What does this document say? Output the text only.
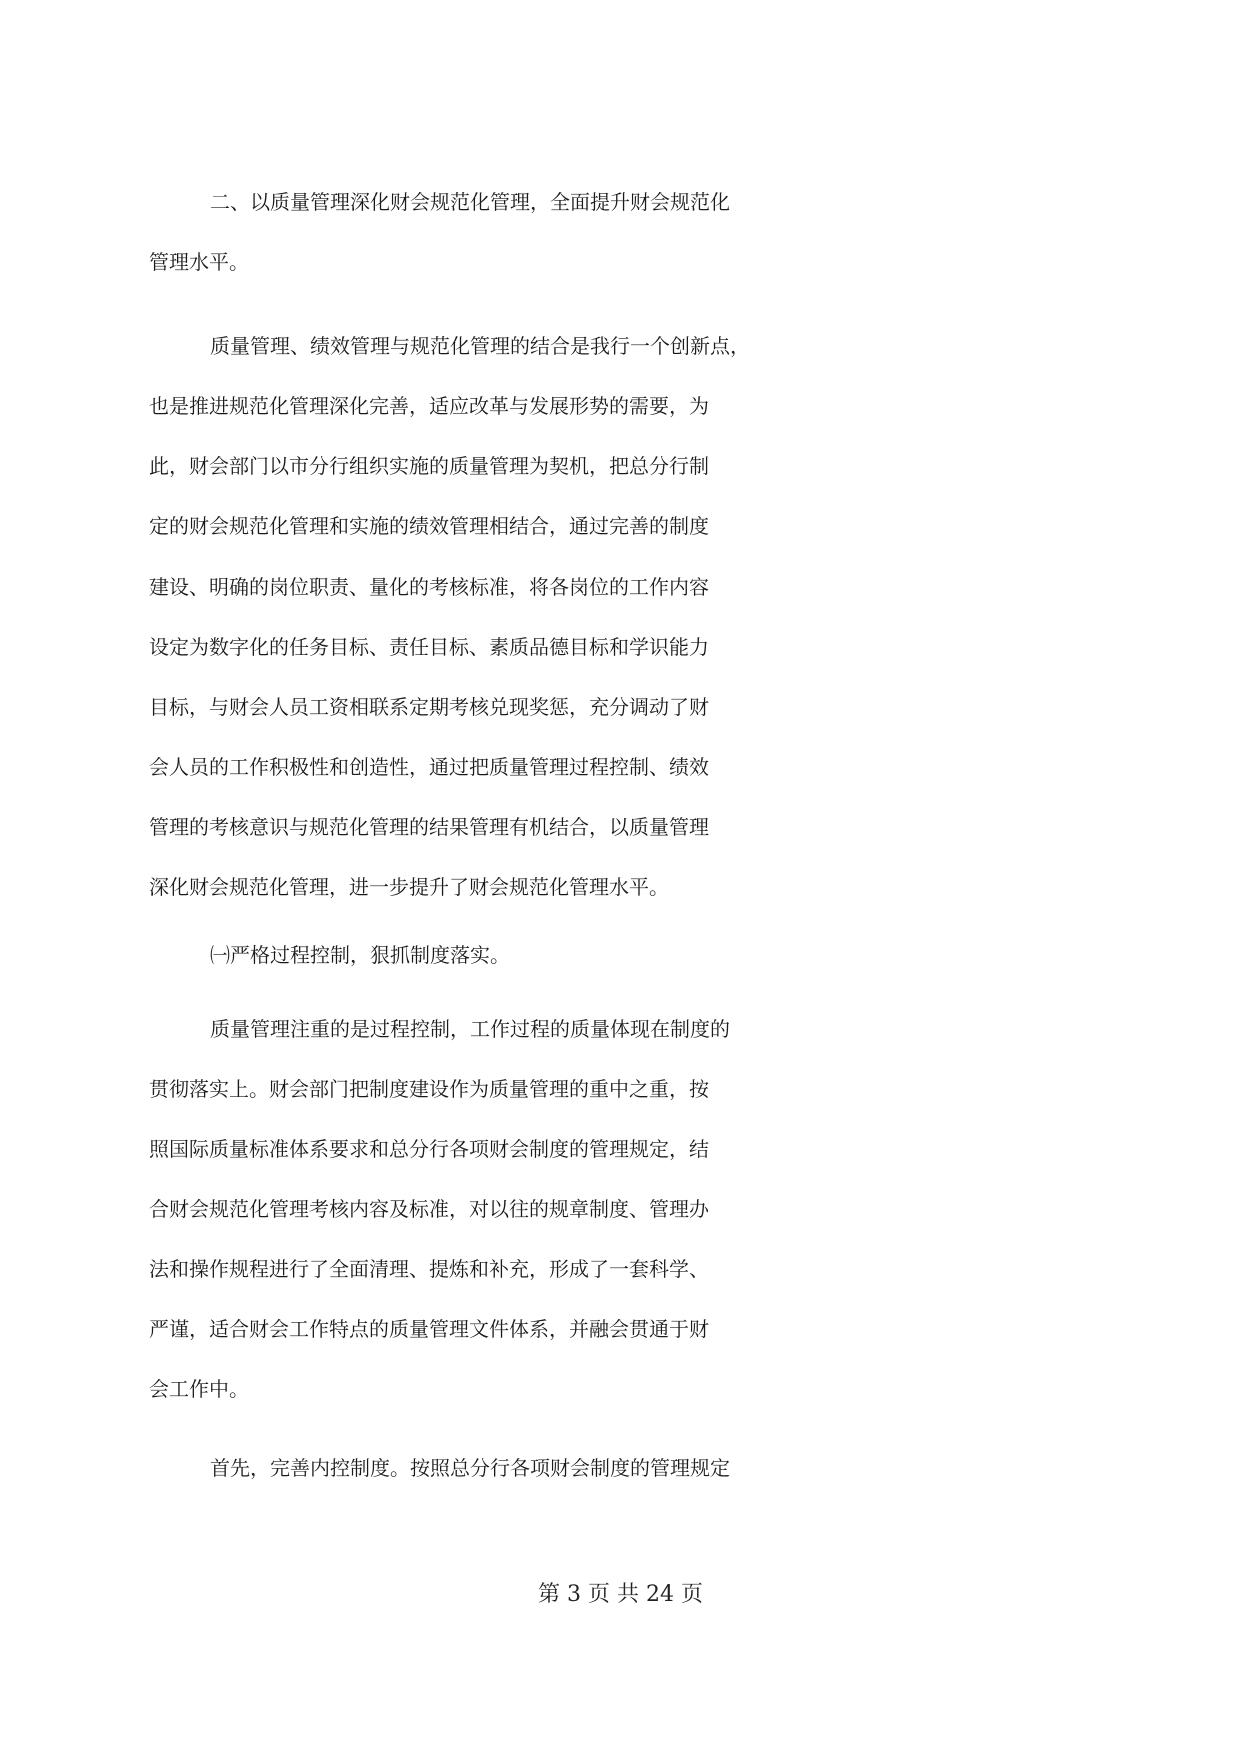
二、以质量管理深化财会规范化管理，全面提升财会规范化
管理水平。
质量管理、绩效管理与规范化管理的结合是我行一个创新点，
也是推进规范化管理深化完善，适应改革与发展形势的需要，为
此，财会部门以市分行组织实施的质量管理为契机，把总分行制
定的财会规范化管理和实施的绩效管理相结合，通过完善的制度
建设、明确的岗位职责、量化的考核标准，将各岗位的工作内容
设定为数字化的任务目标、责任目标、素质品德目标和学识能力
目标，与财会人员工资相联系定期考核兑现奖惩，充分调动了财
会人员的工作积极性和创造性，通过把质量管理过程控制、绩效
管理的考核意识与规范化管理的结果管理有机结合，以质量管理
深化财会规范化管理，进一步提升了财会规范化管理水平。
㈠严格过程控制，狠抓制度落实。
质量管理注重的是过程控制，工作过程的质量体现在制度的
贯彻落实上。财会部门把制度建设作为质量管理的重中之重，按
照国际质量标准体系要求和总分行各项财会制度的管理规定，结
合财会规范化管理考核内容及标准，对以往的规章制度、管理办
法和操作规程进行了全面清理、提炼和补充，形成了一套科学、
严谨，适合财会工作特点的质量管理文件体系，并融会贯通于财
会工作中。
首先，完善内控制度。按照总分行各项财会制度的管理规定
第 3 页 共 24 页
